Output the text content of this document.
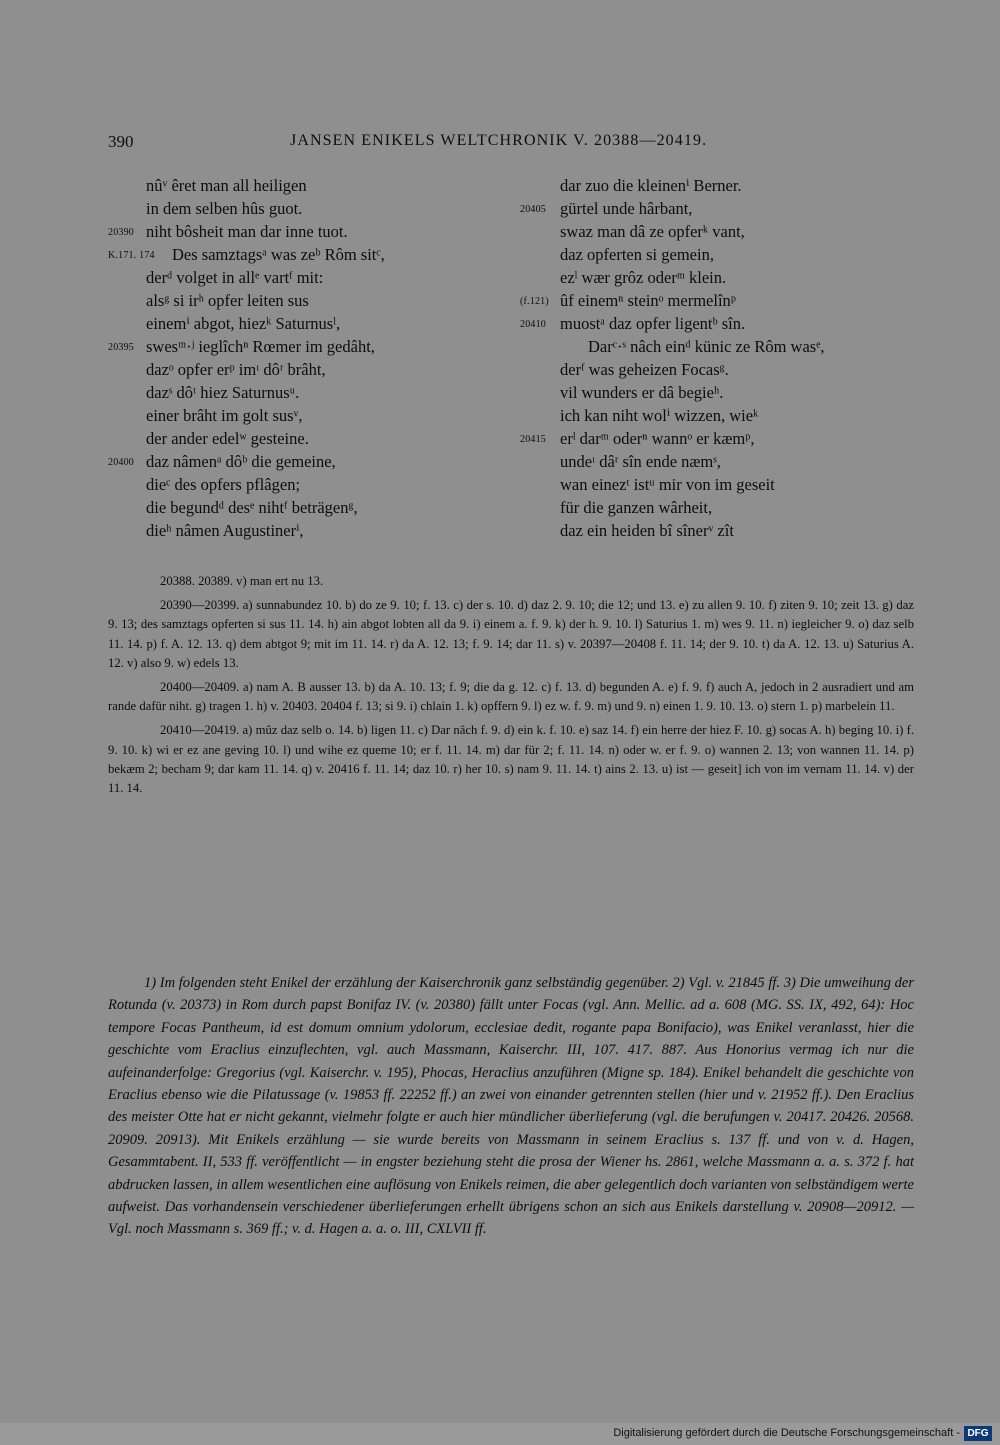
390	JANSEN ENIKELS WELTCHRONIK V. 20388—20419.
nûᵛ êret man all heiligen
in dem selben hûs guot.
20390 niht bôsheit man dar inne tuot.
K.171. 174 Des samztagsᵃ was zeᵇ Rôm sitᶜ,
derᵈ volget in allᵉ vartᶠ mit:
alsᵍ si irʰ opfer leiten sus
einemⁱ abgot, hiezᵏ Saturnusˡ,
20395 swesᵐ·ʲ ieglîchⁿ Rœmer im gedâht,
dazᵒ opfer erᵖ imᶥ dôʳ brâht,
dazˢ dôᵗ hiez Saturnusᵘ.
einer brâht im golt susᵛ,
der ander edelʷ gesteine.
20400 daz nâmenᵃ dôᵇ die gemeine,
dieᶜ des opfers pflâgen;
die begundᵈ desᵉ nihtᶠ beträgenᵍ,
dieʰ nâmen Augustinerⁱ,
dar zuo die kleinenⁱ Berner.
20405 gürtel unde hârbant,
swaz man dâ ze opferᵏ vant,
daz opferten si gemein,
ezˡ wær grôz oderᵐ klein.
(f.121) ûf einemⁿ steinᵒ mermelînᵖ
20410 muostᵃ daz opfer ligentᵇ sîn.
Darᶜ·ˢ nâch einᵈ künic ze Rôm wasᵉ,
derᶠ was geheizen Focasᵍ.
vil wunders er dâ begieʰ.
ich kan niht wolⁱ wizzen, wieᵏ
20415 erˡ darᵐ oderⁿ wannᵒ er kæmᵖ,
undeᶥ dâʳ sîn ende næmˢ,
wan einezᵗ istᵘ mir von im geseit
für die ganzen wârheit,
daz ein heiden bî sînerᵛ zît
20388. 20389. v) man ert nu 13.
20390—20399. a) sunnabundez 10. b) do ze 9. 10; f. 13. c) der s. 10. d) daz 2. 9. 10; die 12; und 13. e) zu allen 9. 10. f) ziten 9. 10; zeit 13. g) daz 9. 13; des samztags opferten si sus 11. 14. h) ain abgot lobten all da 9. i) einem a. f. 9. k) der h. 9. 10. l) Saturius 1. m) wes 9. 11. n) iegleicher 9. o) daz selb 11. 14. p) f. A. 12. 13. q) dem abtgot 9; mit im 11. 14. r) da A. 12. 13; f. 9. 14; dar 11. s) v. 20397—20408 f. 11. 14; der 9. 10. t) da A. 12. 13. u) Saturius A. 12. v) also 9. w) edels 13.
20400—20409. a) nam A. B ausser 13. b) da A. 10. 13; f. 9; die da g. 12. c) f. 13. d) begunden A. e) f. 9. f) auch A, jedoch in 2 ausradiert und am rande dafür niht. g) tragen 1. h) v. 20403. 20404 f. 13; si 9. i) chlain 1. k) opffern 9. l) ez w. f. 9. m) und 9. n) einen 1. 9. 10. 13. o) stern 1. p) marbelein 11.
20410—20419. a) mûz daz selb o. 14. b) ligen 11. c) Dar nâch f. 9. d) ein k. f. 10. e) saz 14. f) ein herre der hiez F. 10. g) socas A. h) beging 10. i) f. 9. 10. k) wi er ez ane geving 10. l) und wihe ez queme 10; er f. 11. 14. m) dar für 2; f. 11. 14. n) oder w. er f. 9. o) wannen 2. 13; von wannen 11. 14. p) bekæm 2; becham 9; dar kam 11. 14. q) v. 20416 f. 11. 14; daz 10. r) her 10. s) nam 9. 11. 14. t) ains 2. 13. u) ist — geseit] ich von im vernam 11. 14. v) der 11. 14.
1) Im folgenden steht Enikel der erzählung der Kaiserchronik ganz selbständig gegenüber. 2) Vgl. v. 21845 ff. 3) Die umweihung der Rotunda (v. 20373) in Rom durch papst Bonifaz IV. (v. 20380) fällt unter Focas (vgl. Ann. Mellic. ad a. 608 (MG. SS. IX, 492, 64): Hoc tempore Focas Pantheum, id est domum omnium ydolorum, ecclesiae dedit, rogante papa Bonifacio), was Enikel veranlasst, hier die geschichte vom Eraclius einzuflechten, vgl. auch Massmann, Kaiserchr. III, 107. 417. 887. Aus Honorius vermag ich nur die aufeinanderfolge: Gregorius (vgl. Kaiserchr. v. 195), Phocas, Heraclius anzuführen (Migne sp. 184). Enikel behandelt die geschichte von Eraclius ebenso wie die Pilatussage (v. 19853 ff. 22252 ff.) an zwei von einander getrennten stellen (hier und v. 21952 ff.). Den Eraclius des meister Otte hat er nicht gekannt, vielmehr folgte er auch hier mündlicher überlieferung (vgl. die berufungen v. 20417. 20426. 20568. 20909. 20913). Mit Enikels erzählung — sie wurde bereits von Massmann in seinem Eraclius s. 137 ff. und von v. d. Hagen, Gesammtabent. II, 533 ff. veröffentlicht — in engster beziehung steht die prosa der Wiener hs. 2861, welche Massmann a. a. s. 372 f. hat abdrucken lassen, in allem wesentlichen eine auflösung von Enikels reimen, die aber gelegentlich doch varianten von selbständigem werte aufweist. Das vorhandensein verschiedener überlieferungen erhellt übrigens schon an sich aus Enikels darstellung v. 20908—20912. — Vgl. noch Massmann s. 369 ff.; v. d. Hagen a. a. o. III, CXLVII ff.
Digitalisierung gefördert durch die Deutsche Forschungsgemeinschaft - DFG
